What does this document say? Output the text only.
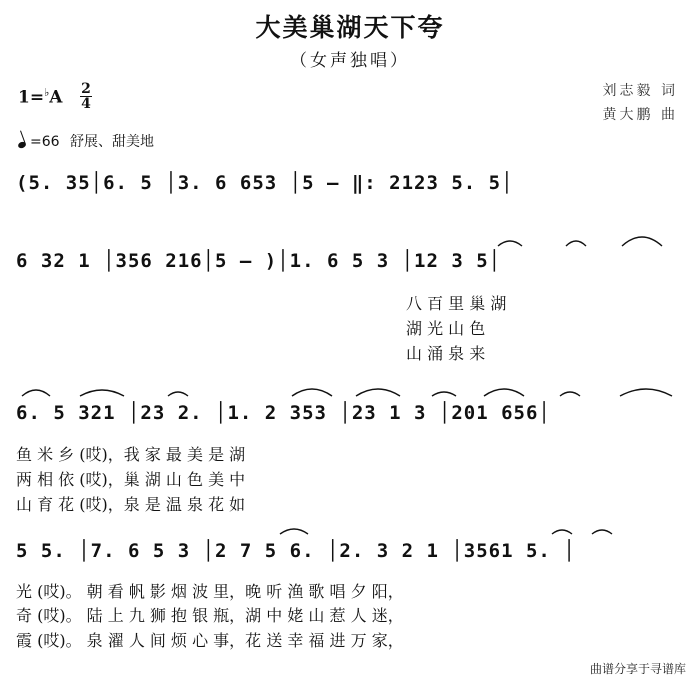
大美巢湖天下夸
（女声独唱）
刘志毅 词
黄大鹏 曲
1=♭A 2
4
=66 舒展、甜美地
(5. 35│6. 5 │3. 6 653 │5 – ‖: 2123 5. 5│
6 32 1 │356 216│5 – )│1. 6 5 3 │12 3 5│
八 百 里 巢 湖
湖 光 山 色
山 涌 泉 来
6. 5 321 │23 2. │1. 2 353 │23 1 3 │201 656│
鱼 米 乡 (哎)，我 家 最 美 是 湖
两 相 依 (哎)，巢 湖 山 色 美 中
山 育 花 (哎)，泉 是 温 泉 花 如
5 5. │7. 6 5 3 │2 7 5 6. │2. 3 2 1 │3561 5. │
光 (哎)。 朝 看 帆 影 烟 波 里，晚 听 渔 歌 唱 夕 阳，
奇 (哎)。 陆 上 九 狮 抱 银 瓶，湖 中 姥 山 惹 人 迷，
霞 (哎)。 泉 濯 人 间 烦 心 事，花 送 幸 福 进 万 家，
曲谱分享于寻谱库
